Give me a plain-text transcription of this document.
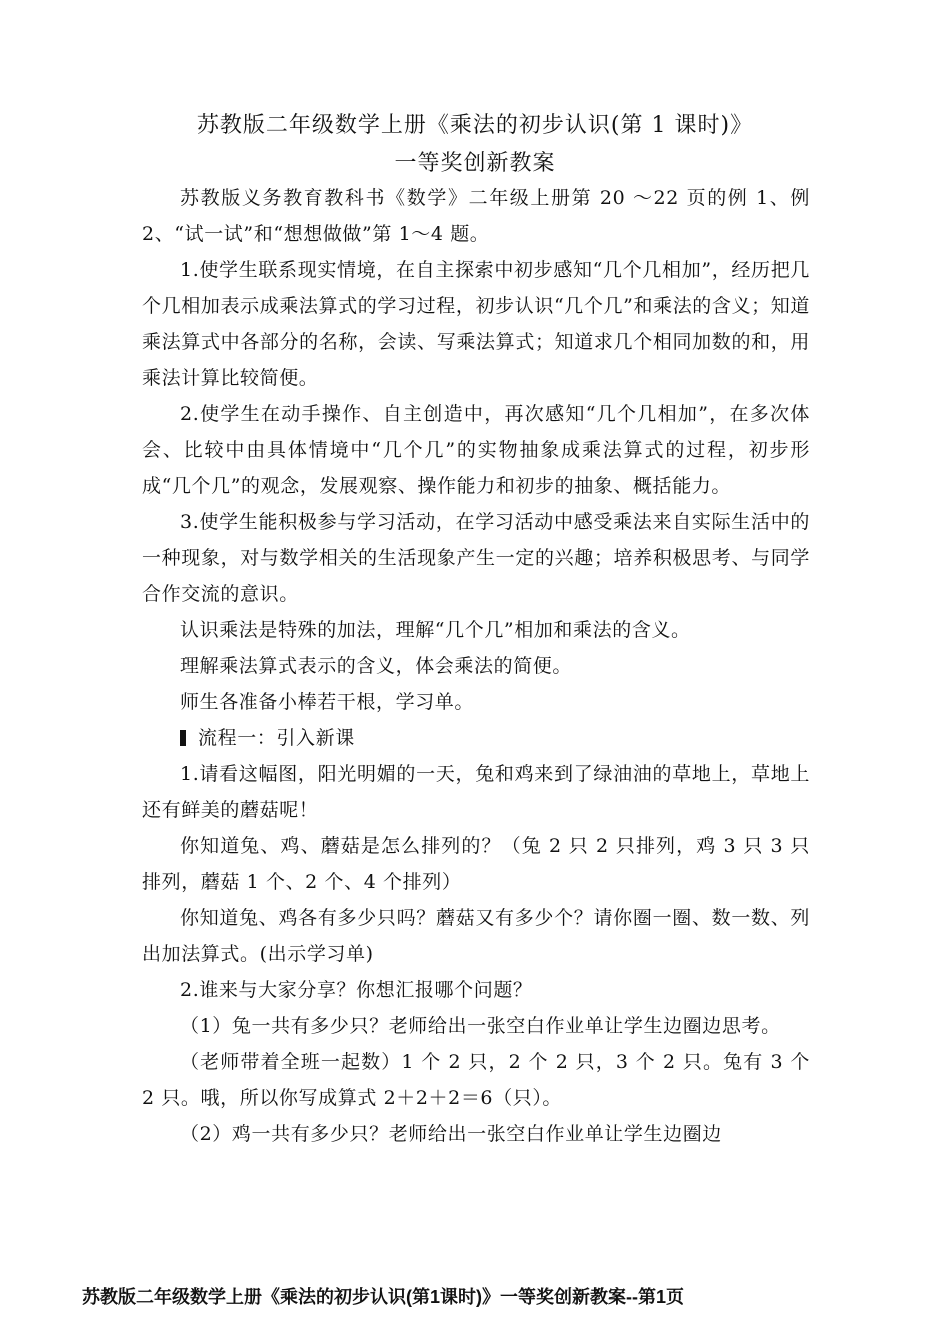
苏教版二年级数学上册《乘法的初步认识(第 1 课时)》
一等奖创新教案

苏教版义务教育教科书《数学》二年级上册第 20 ～22 页的例 1、例 2、“试一试”和“想想做做”第 1～4 题。

1.使学生联系现实情境，在自主探索中初步感知“几个几相加”，经历把几个几相加表示成乘法算式的学习过程，初步认识“几个几”和乘法的含义；知道乘法算式中各部分的名称，会读、写乘法算式；知道求几个相同加数的和，用乘法计算比较简便。

2.使学生在动手操作、自主创造中，再次感知“几个几相加”，在多次体会、比较中由具体情境中“几个几”的实物抽象成乘法算式的过程，初步形成“几个几”的观念，发展观察、操作能力和初步的抽象、概括能力。

3.使学生能积极参与学习活动，在学习活动中感受乘法来自实际生活中的一种现象，对与数学相关的生活现象产生一定的兴趣；培养积极思考、与同学合作交流的意识。

认识乘法是特殊的加法，理解“几个几”相加和乘法的含义。

理解乘法算式表示的含义，体会乘法的简便。

师生各准备小棒若干根，学习单。

流程一：引入新课

1.请看这幅图，阳光明媚的一天，兔和鸡来到了绿油油的草地上，草地上还有鲜美的蘑菇呢！

你知道兔、鸡、蘑菇是怎么排列的？（兔 2 只 2 只排列，鸡 3 只 3 只排列，蘑菇 1 个、2 个、4 个排列）

你知道兔、鸡各有多少只吗？蘑菇又有多少个？请你圈一圈、数一数、列出加法算式。(出示学习单)

2.谁来与大家分享？你想汇报哪个问题？

（1）兔一共有多少只？老师给出一张空白作业单让学生边圈边思考。

（老师带着全班一起数）1 个 2 只，2 个 2 只，3 个 2 只。兔有 3 个 2 只。哦，所以你写成算式 2＋2＋2＝6（只）。

（2）鸡一共有多少只？老师给出一张空白作业单让学生边圈边

苏教版二年级数学上册《乘法的初步认识(第1课时)》一等奖创新教案--第1页
